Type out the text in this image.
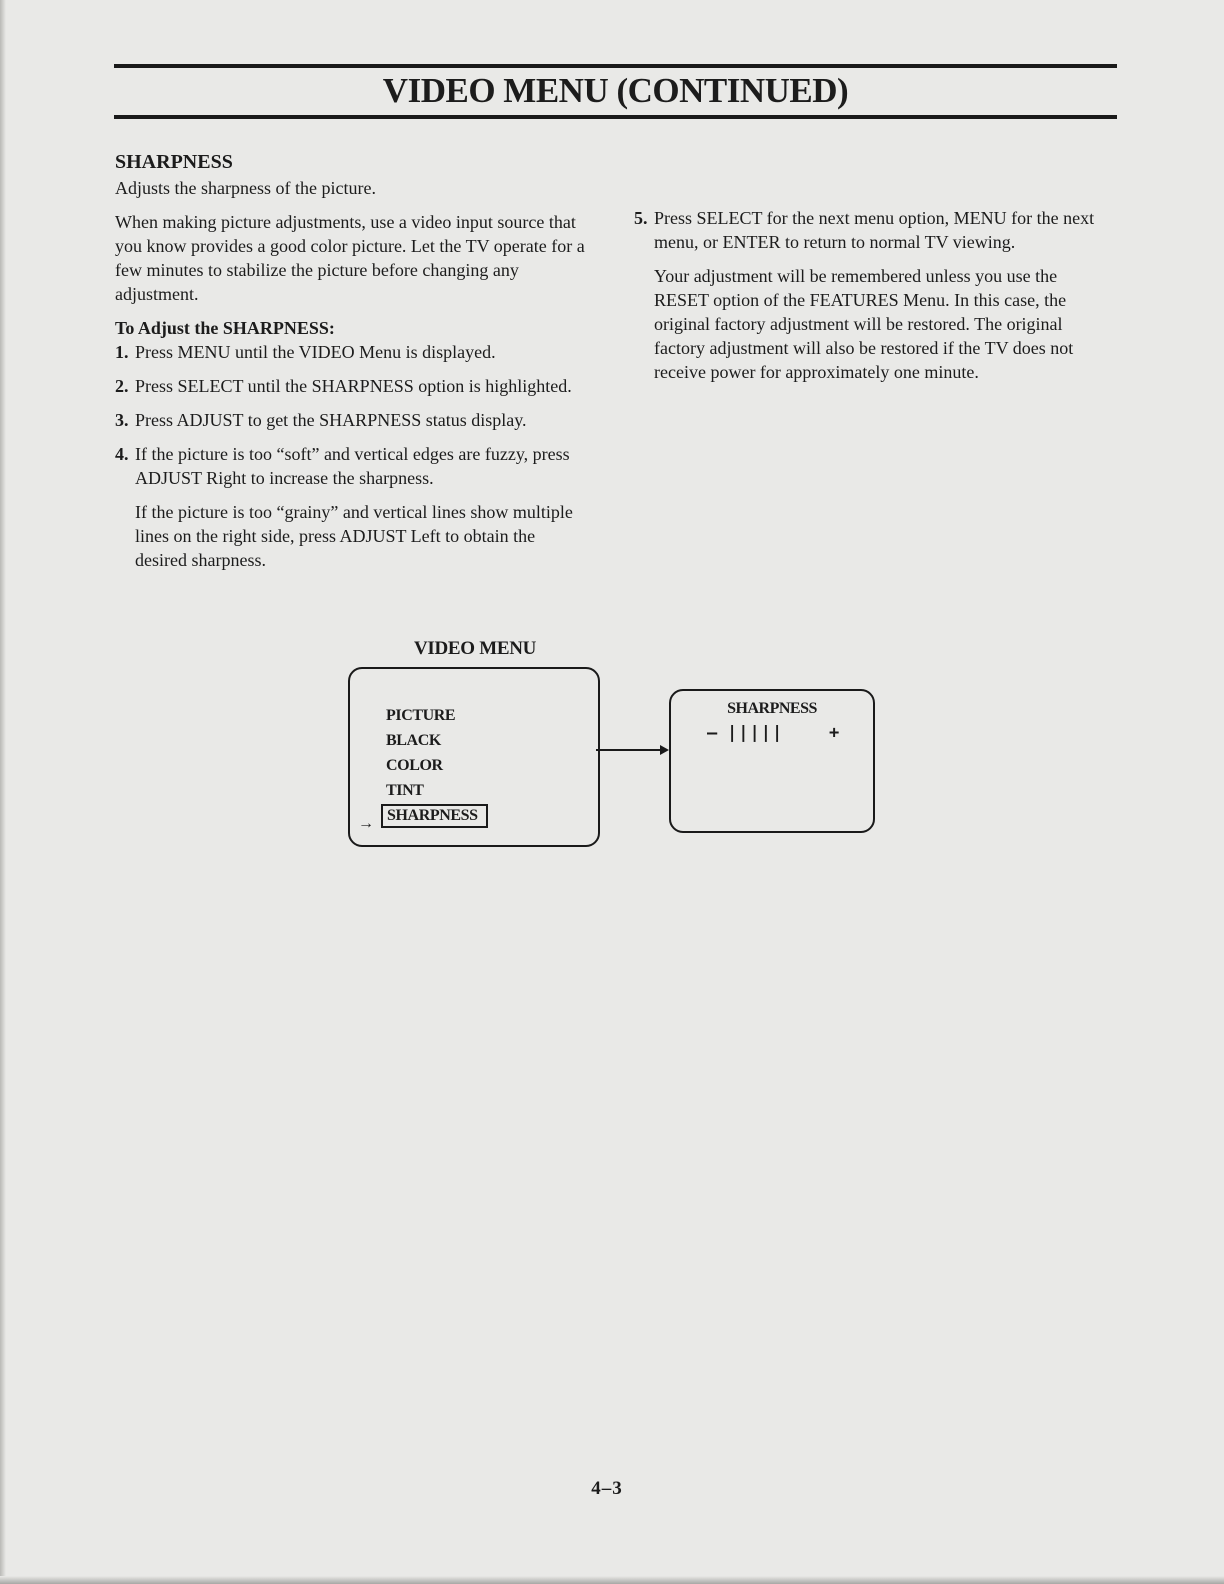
VIDEO MENU (CONTINUED)
SHARPNESS

Adjusts the sharpness of the picture.

When making picture adjustments, use a video input source that you know provides a good color picture. Let the TV operate for a few minutes to stabilize the picture before changing any adjustment.

To Adjust the SHARPNESS:

1. Press MENU until the VIDEO Menu is displayed.
2. Press SELECT until the SHARPNESS option is highlighted.
3. Press ADJUST to get the SHARPNESS status display.
4. If the picture is too “soft” and vertical edges are fuzzy, press ADJUST Right to increase the sharpness.

If the picture is too “grainy” and vertical lines show multiple lines on the right side, press ADJUST Left to obtain the desired sharpness.

5. Press SELECT for the next menu option, MENU for the next menu, or ENTER to return to normal TV viewing.

Your adjustment will be remembered unless you use the RESET option of the FEATURES Menu. In this case, the original factory adjustment will be restored. The original factory adjustment will also be restored if the TV does not receive power for approximately one minute.

VIDEO MENU
PICTURE
BLACK
COLOR
TINT
SHARPNESS
→
SHARPNESS
– |||||	+
4–3
